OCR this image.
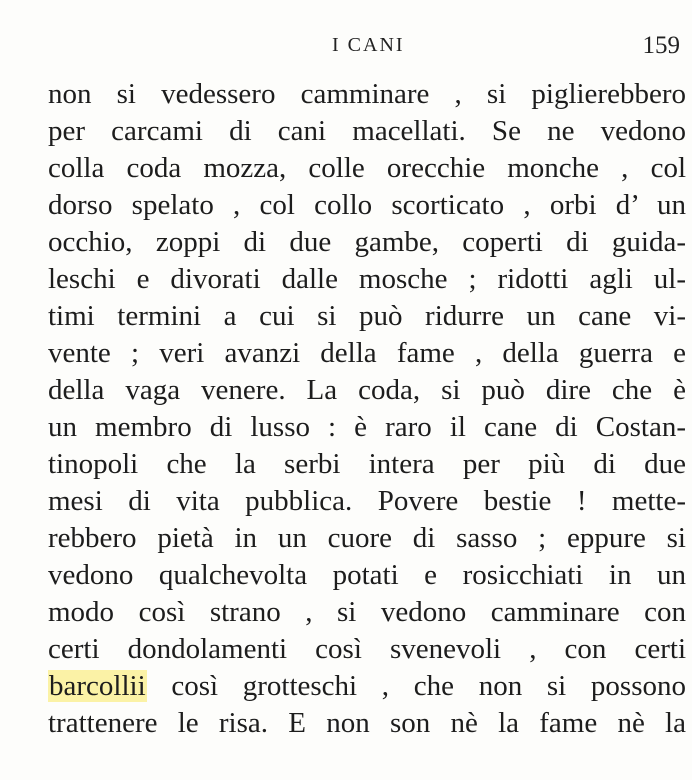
I CANI	159
non si vedessero camminare , si piglierebbero
per carcami di cani macellati. Se ne vedono
colla coda mozza, colle orecchie monche , col
dorso spelato , col collo scorticato , orbi d’ un
occhio, zoppi di due gambe, coperti di guida-
leschi e divorati dalle mosche ; ridotti agli ul-
timi termini a cui si può ridurre un cane vi-
vente ; veri avanzi della fame , della guerra e
della vaga venere. La coda, si può dire che è
un membro di lusso : è raro il cane di Costan-
tinopoli che la serbi intera per più di due
mesi di vita pubblica. Povere bestie ! mette-
rebbero pietà in un cuore di sasso ; eppure si
vedono qualchevolta potati e rosicchiati in un
modo così strano , si vedono camminare con
certi dondolamenti così svenevoli , con certi
barcollii così grotteschi , che non si possono
trattenere le risa. E non son nè la fame nè la
